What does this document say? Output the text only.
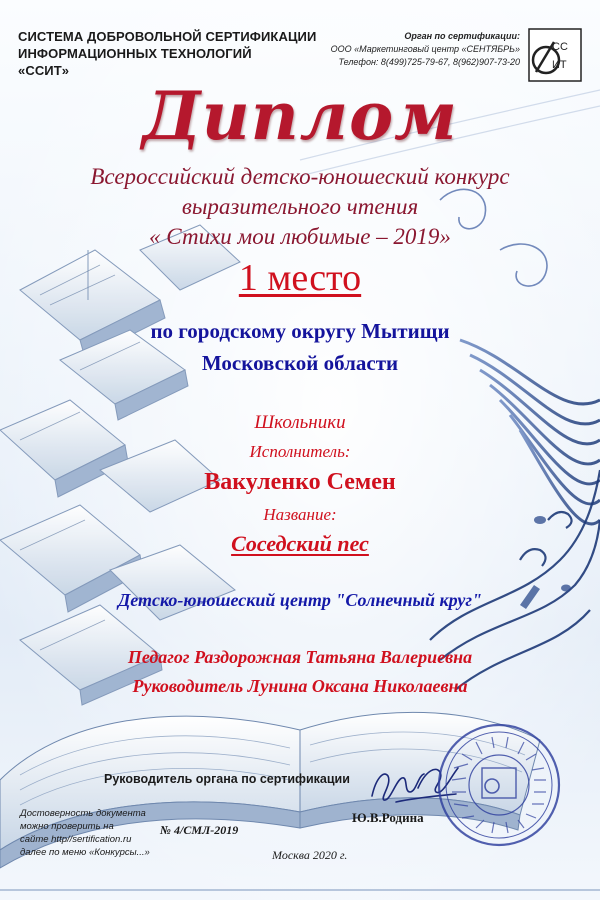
СИСТЕМА ДОБРОВОЛЬНОЙ СЕРТИФИКАЦИИ
ИНФОРМАЦИОННЫХ ТЕХНОЛОГИЙ
«ССИТ»
Орган по сертификации:
ООО «Маркетинговый центр «СЕНТЯБРЬ»
Телефон: 8(499)725-79-67, 8(962)907-73-20
СС
ИТ
Диплом
Всероссийский детско-юношеский конкурс
выразительного чтения
« Стихи мои любимые – 2019»
1 место
по городскому округу Мытищи
Московской области
Школьники
Исполнитель:
Вакуленко Семен
Название:
Соседский пес
Детско-юношеский центр "Солнечный круг"
Педагог Раздорожная Татьяна Валериевна
Руководитель Лунина Оксана Николаевна
Руководитель органа по сертификации
Ю.В.Родина
Достоверность документа
можно проверить на
сайте http//sertification.ru
далее по меню «Конкурсы...»
№ 4/СМЛ-2019
Москва 2020 г.
